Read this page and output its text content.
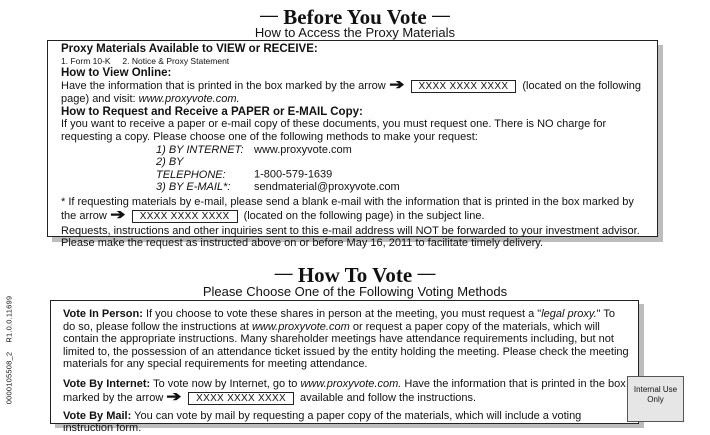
— Before You Vote —
How to Access the Proxy Materials

Proxy Materials Available to VIEW or RECEIVE:

1. Form 10-K     2. Notice & Proxy Statement

How to View Online:

Have the information that is printed in the box marked by the arrow ➔ XXXX XXXX XXXX (located on the following page) and visit: www.proxyvote.com.

How to Request and Receive a PAPER or E-MAIL Copy:

If you want to receive a paper or e-mail copy of these documents, you must request one. There is NO charge for requesting a copy. Please choose one of the following methods to make your request:

1) BY INTERNET: www.proxyvote.com

2) BY TELEPHONE:	1-800-579-1639

3) BY E-MAIL*: sendmaterial@proxyvote.com

* If requesting materials by e-mail, please send a blank e-mail with the information that is printed in the box marked by the arrow ➔ XXXX XXXX XXXX (located on the following page) in the subject line.

Requests, instructions and other inquiries sent to this e-mail address will NOT be forwarded to your investment advisor. Please make the request as instructed above on or before May 16, 2011 to facilitate timely delivery.

— How To Vote —
Please Choose One of the Following Voting Methods

Vote In Person: If you choose to vote these shares in person at the meeting, you must request a "legal proxy." To do so, please follow the instructions at www.proxyvote.com or request a paper copy of the materials, which will contain the appropriate instructions. Many shareholder meetings have attendance requirements including, but not limited to, the possession of an attendance ticket issued by the entity holding the meeting. Please check the meeting materials for any special requirements for meeting attendance.

Vote By Internet: To vote now by Internet, go to www.proxyvote.com. Have the information that is printed in the box marked by the arrow ➔ XXXX XXXX XXXX available and follow the instructions.

Vote By Mail: You can vote by mail by requesting a paper copy of the materials, which will include a voting instruction form.

0000105508_2    R1.0.0.11699	Internal Use Only
